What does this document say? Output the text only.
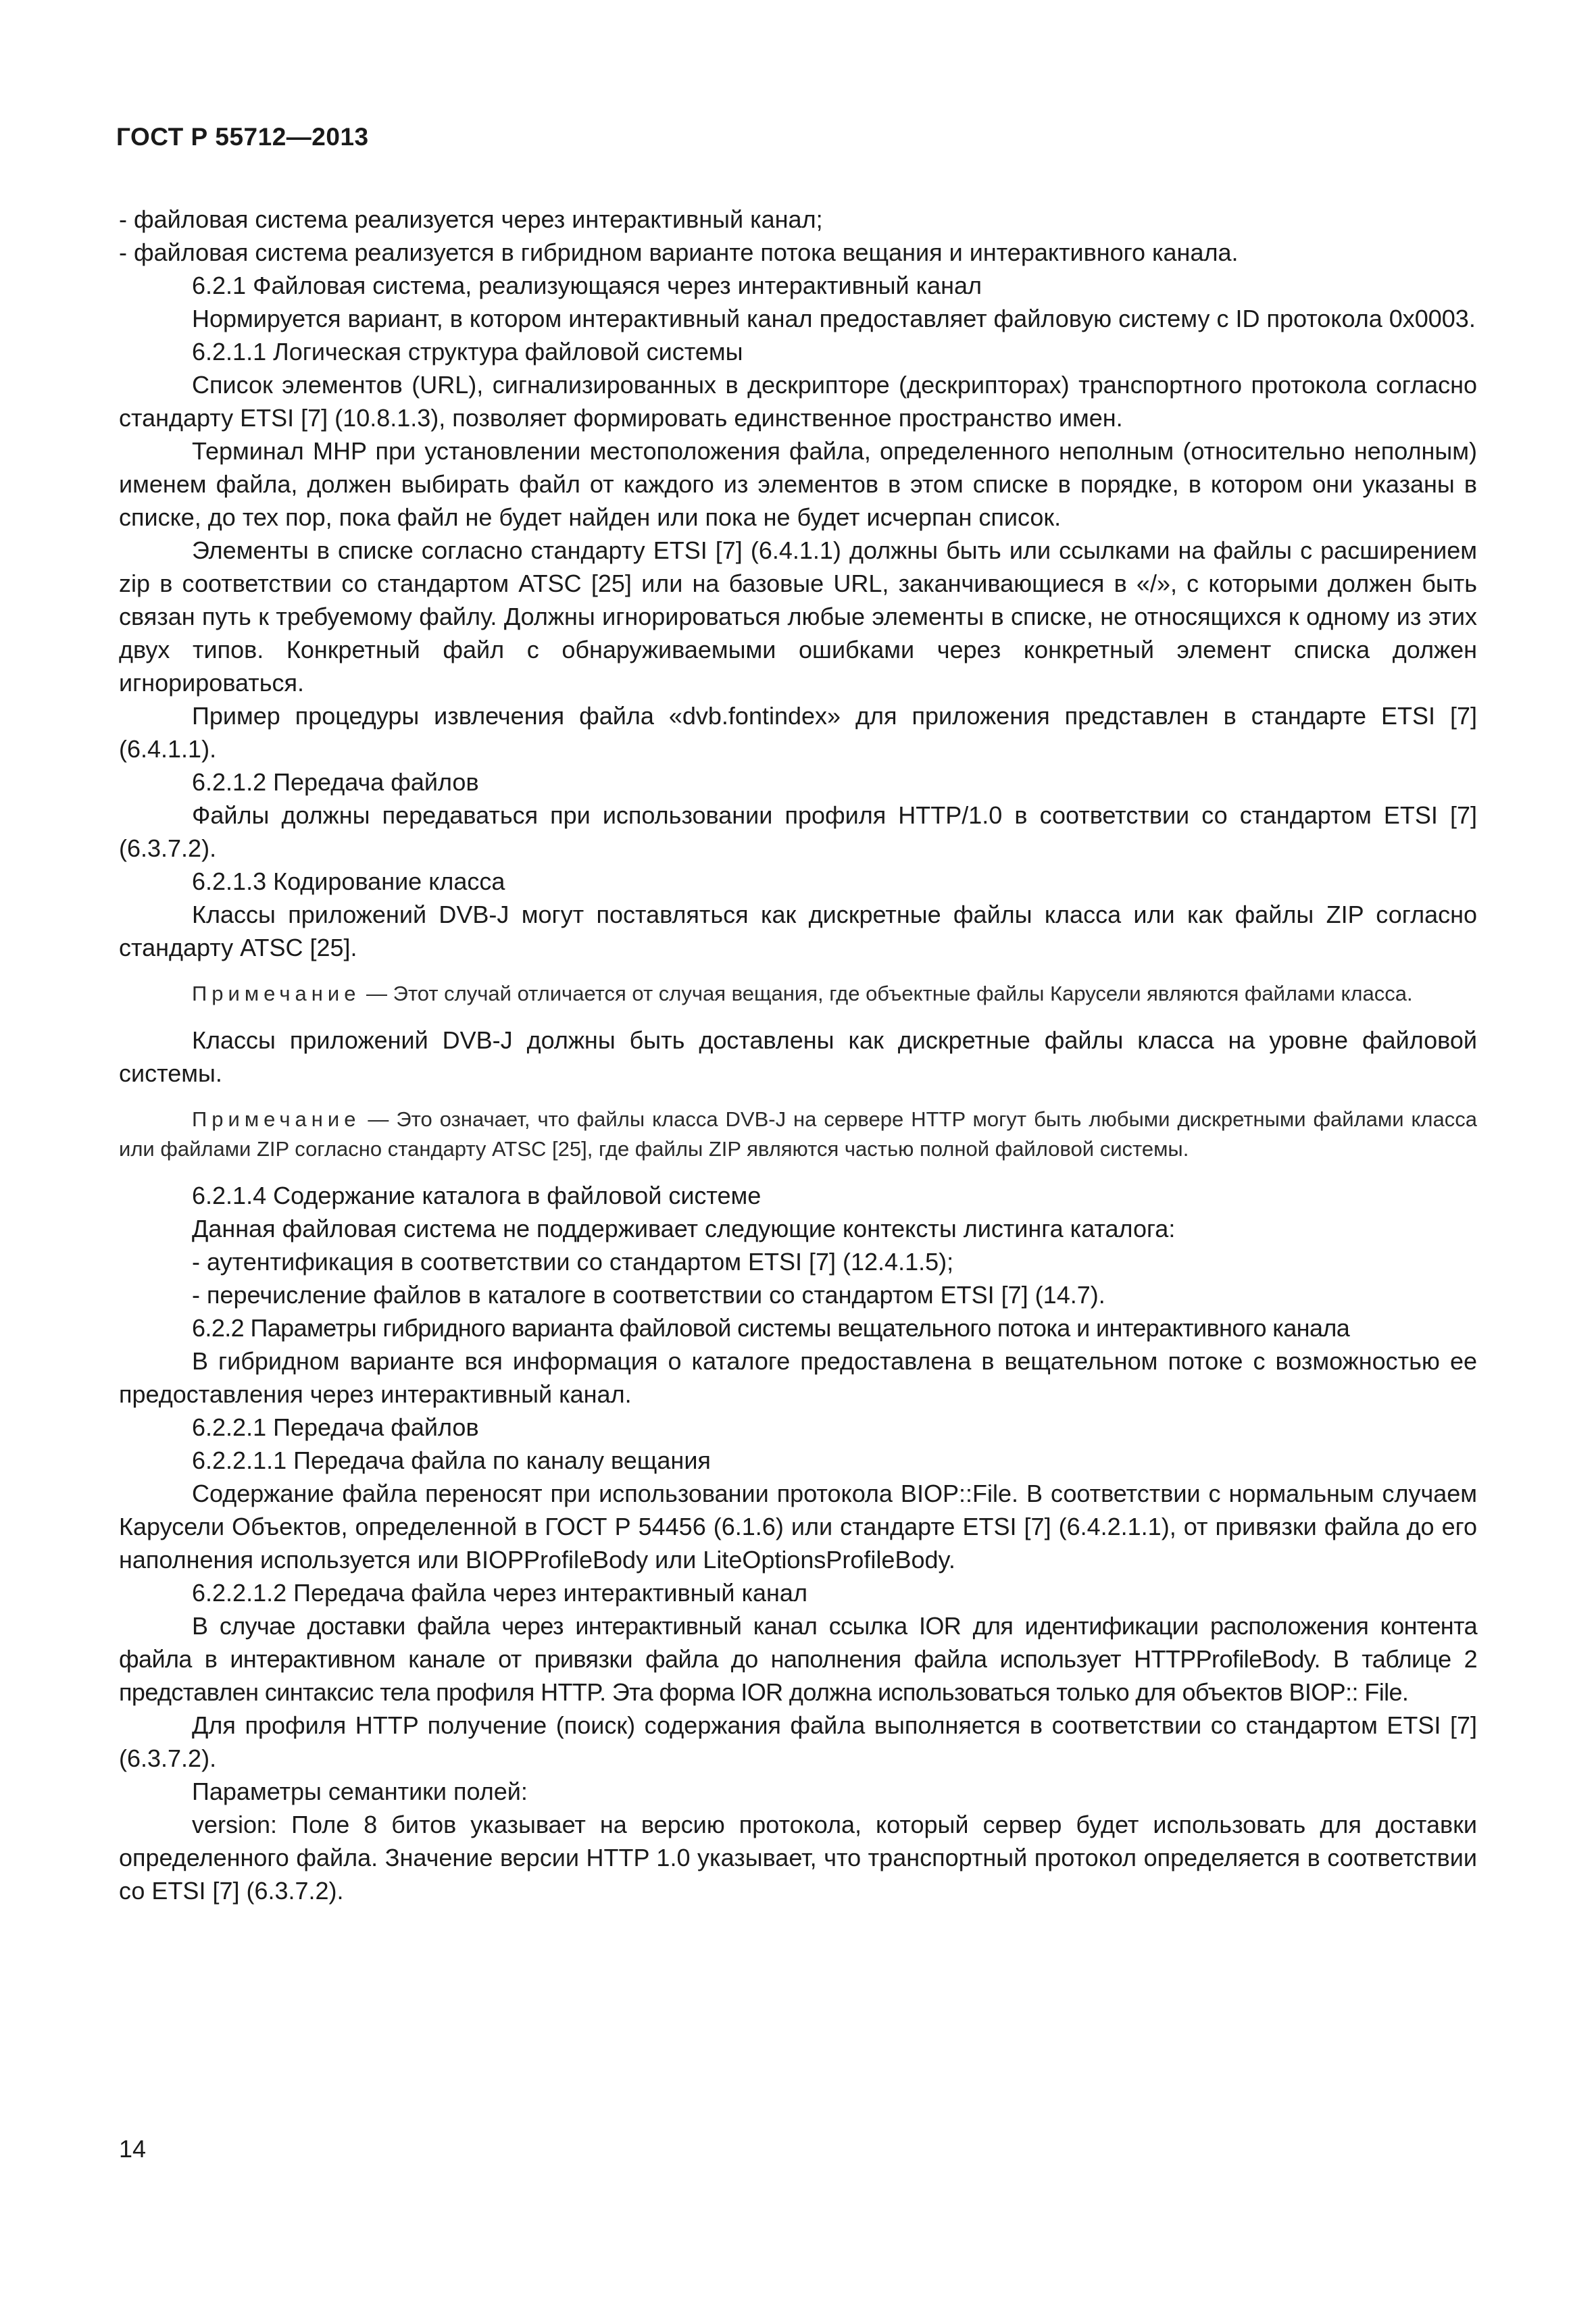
ГОСТ Р 55712—2013

- файловая система реализуется через интерактивный канал;

- файловая система реализуется в гибридном варианте потока вещания и интерактивного канала.

6.2.1 Файловая система, реализующаяся через интерактивный канал

Нормируется вариант, в котором интерактивный канал предоставляет файловую систему с ID протокола 0x0003.

6.2.1.1 Логическая структура файловой системы

Список элементов (URL), сигнализированных в дескрипторе (дескрипторах) транспортного протокола согласно стандарту ETSI [7] (10.8.1.3), позволяет формировать единственное пространство имен.

Терминал MHP при установлении местоположения файла, определенного неполным (относительно неполным) именем файла, должен выбирать файл от каждого из элементов в этом списке в порядке, в котором они указаны в списке, до тех пор, пока файл не будет найден или пока не будет исчерпан список.

Элементы в списке согласно стандарту ETSI [7] (6.4.1.1) должны быть или ссылками на файлы с расширением zip в соответствии со стандартом ATSC [25] или на базовые URL, заканчивающиеся в «/», с которыми должен быть связан путь к требуемому файлу. Должны игнорироваться любые элементы в списке, не относящихся к одному из этих двух типов. Конкретный файл с обнаруживаемыми ошибками через конкретный элемент списка должен игнорироваться.

Пример процедуры извлечения файла «dvb.fontindex» для приложения представлен в стандарте ETSI [7] (6.4.1.1).

6.2.1.2 Передача файлов

Файлы должны передаваться при использовании профиля HTTP/1.0 в соответствии со стандартом ETSI [7] (6.3.7.2).

6.2.1.3 Кодирование класса

Классы приложений DVB-J могут поставляться как дискретные файлы класса или как файлы ZIP согласно стандарту ATSC [25].

Примечание — Этот случай отличается от случая вещания, где объектные файлы Карусели являются файлами класса.

Классы приложений DVB-J должны быть доставлены как дискретные файлы класса на уровне файловой системы.

Примечание — Это означает, что файлы класса DVB-J на сервере HTTP могут быть любыми дискретными файлами класса или файлами ZIP согласно стандарту ATSC [25], где файлы ZIP являются частью полной файловой системы.

6.2.1.4 Содержание каталога в файловой системе

Данная файловая система не поддерживает следующие контексты листинга каталога:

- аутентификация в соответствии со стандартом ETSI [7] (12.4.1.5);

- перечисление файлов в каталоге в соответствии со стандартом ETSI [7] (14.7).

6.2.2 Параметры гибридного варианта файловой системы вещательного потока и интерактивного канала

В гибридном варианте вся информация о каталоге предоставлена в вещательном потоке с возможностью ее предоставления через интерактивный канал.

6.2.2.1 Передача файлов

6.2.2.1.1 Передача файла по каналу вещания

Содержание файла переносят при использовании протокола BIOP::File. В соответствии с нормальным случаем Карусели Объектов, определенной в ГОСТ Р 54456 (6.1.6) или стандарте ETSI [7] (6.4.2.1.1), от привязки файла до его наполнения используется или BIOPProfileBody или LiteOptionsProfileBody.

6.2.2.1.2 Передача файла через интерактивный канал

В случае доставки файла через интерактивный канал ссылка IOR для идентификации расположения контента файла в интерактивном канале от привязки файла до наполнения файла использует HTTPProfileBody. В таблице 2 представлен синтаксис тела профиля HTTP. Эта форма IOR должна использоваться только для объектов BIOP:: File.

Для профиля HTTP получение (поиск) содержания файла выполняется в соответствии со стандартом ETSI [7] (6.3.7.2).

Параметры семантики полей:

version: Поле 8 битов указывает на версию протокола, который сервер будет использовать для доставки определенного файла. Значение версии HTTP 1.0 указывает, что транспортный протокол определяется в соответствии со ETSI [7] (6.3.7.2).

14
